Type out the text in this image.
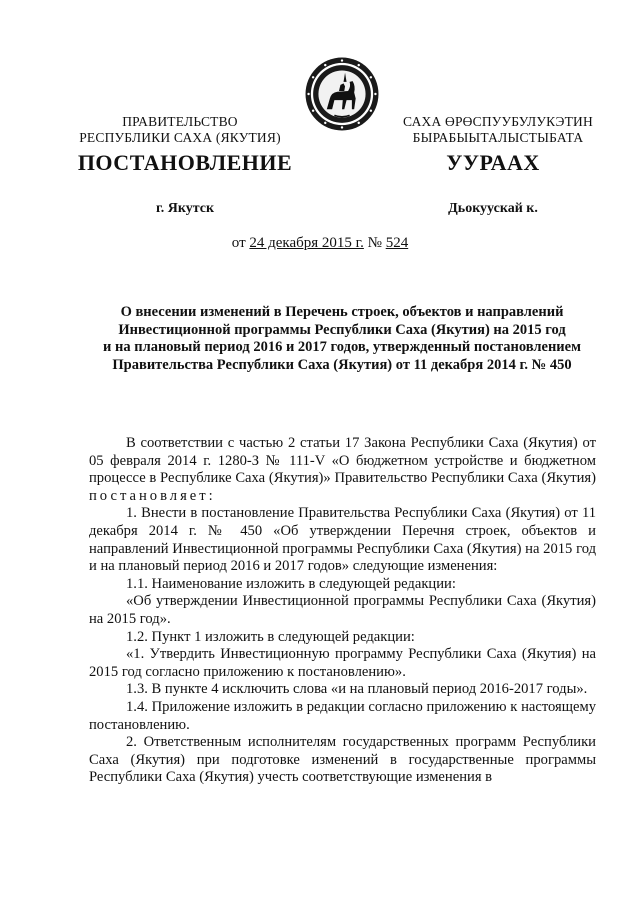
ПРАВИТЕЛЬСТВО
РЕСПУБЛИКИ САХА (ЯКУТИЯ)
САХА ӨРӨСПУУБУЛУКЭТИН
БЫРАБЫЫТАЛЫСТЫБАТА
ПОСТАНОВЛЕНИЕ	УУРААХ
г. Якутск	Дьокуускай к.
от 24 декабря 2015 г. № 524
О внесении изменений в Перечень строек, объектов и направлений
Инвестиционной программы Республики Саха (Якутия) на 2015 год
и на плановый период 2016 и 2017 годов, утвержденный постановлением
Правительства Республики Саха (Якутия) от 11 декабря 2014 г. № 450

В соответствии с частью 2 статьи 17 Закона Республики Саха (Якутия) от 05 февраля 2014 г. 1280-З № 111-V «О бюджетном устройстве и бюджетном процессе в Республике Саха (Якутия)» Правительство Республики Саха (Якутия) постановляет:

1. Внести в постановление Правительства Республики Саха (Якутия) от 11 декабря 2014 г. № 450 «Об утверждении Перечня строек, объектов и направлений Инвестиционной программы Республики Саха (Якутия) на 2015 год и на плановый период 2016 и 2017 годов» следующие изменения:

1.1. Наименование изложить в следующей редакции:

«Об утверждении Инвестиционной программы Республики Саха (Якутия) на 2015 год».

1.2. Пункт 1 изложить в следующей редакции:

«1. Утвердить Инвестиционную программу Республики Саха (Якутия) на 2015 год согласно приложению к постановлению».

1.3. В пункте 4 исключить слова «и на плановый период 2016-2017 годы».

1.4. Приложение изложить в редакции согласно приложению к настоящему постановлению.

2. Ответственным исполнителям государственных программ Республики Саха (Якутия) при подготовке изменений в государственные программы Республики Саха (Якутия) учесть соответствующие изменения в
